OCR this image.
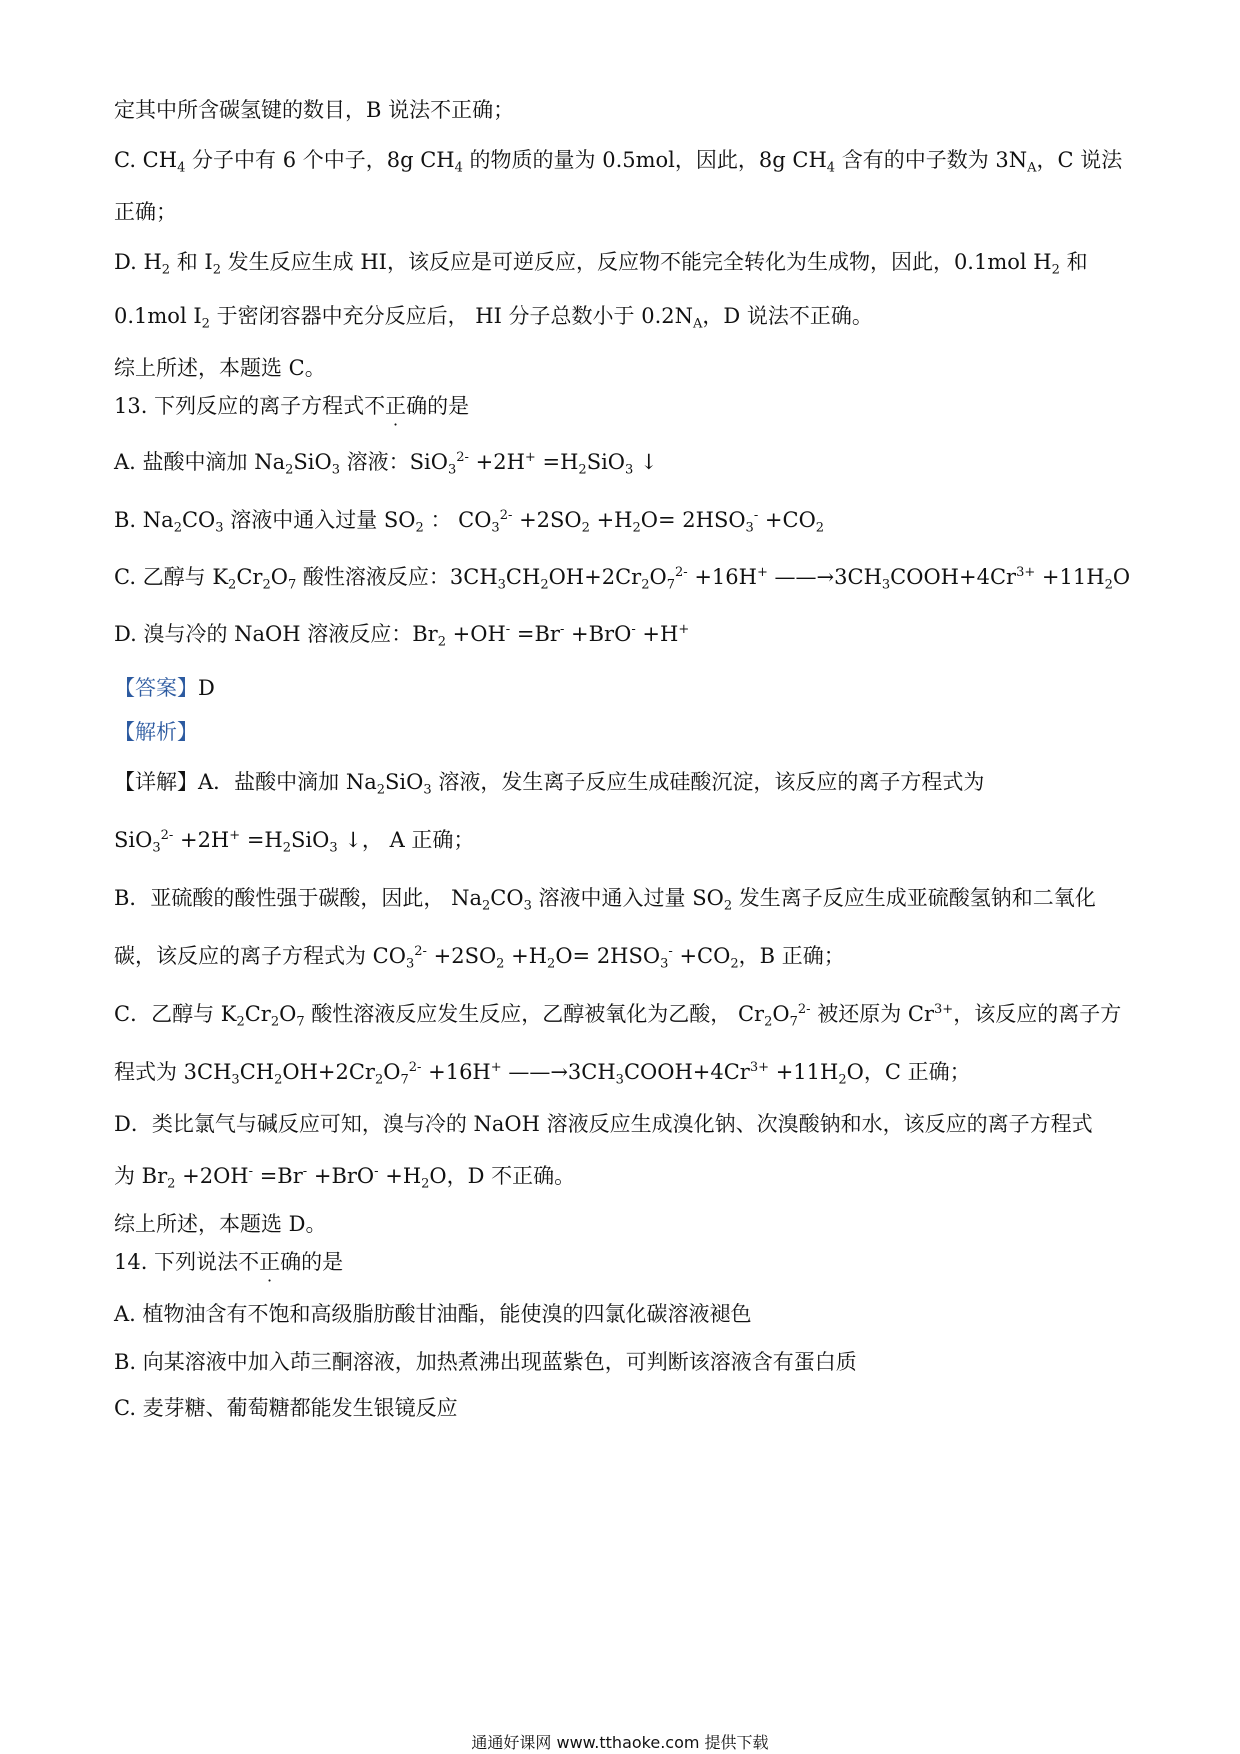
定其中所含碳氢键的数目，B 说法不正确；
C. $CH_4$ 分子中有 6 个中子，8g $CH_4$ 的物质的量为 0.5mol，因此，8g $CH_4$ 含有的中子数为 $3N_A$，C 说法
正确；
D. $H_2$ 和 $I_2$ 发生反应生成 HI，该反应是可逆反应，反应物不能完全转化为生成物，因此，0.1mol $H_2$ 和
0.1mol $I_2$ 于密闭容器中充分反应后， HI 分子总数小于 $0.2N_A$，D 说法不正确。
综上所述，本题选 C。
13. 下列反应的离子方程式不正确的是
A. 盐酸中滴加 $Na_2SiO_3$ 溶液：$SiO_3^{2-} +2H^+ =H_2SiO_3$ ↓
B. $Na_2CO_3$ 溶液中通入过量 $SO_2$ ： $CO_3^{2-} +2SO_2 +H_2O= 2HSO_3^- +CO_2$
C. 乙醇与 $K_2Cr_2O_7$ 酸性溶液反应：$3CH_3CH_2OH+2Cr_2O_7^{2-} +16H^+$ $——\to 3CH_3COOH+4Cr^{3+} +11H_2O$
D. 溴与冷的 NaOH 溶液反应：$Br_2 +OH^- =Br^- +BrO^- +H^+$
【答案】D
【解析】
【详解】A．盐酸中滴加 $Na_2SiO_3$ 溶液，发生离子反应生成硅酸沉淀，该反应的离子方程式为
$SiO_3^{2-} +2H^+ =H_2SiO_3$ ↓， A 正确；
B．亚硫酸的酸性强于碳酸，因此， $Na_2CO_3$ 溶液中通入过量 $SO_2$ 发生离子反应生成亚硫酸氢钠和二氧化
碳，该反应的离子方程式为 $CO_3^{2-} +2SO_2 +H_2O= 2HSO_3^- +CO_2$，B 正确；
C．乙醇与 $K_2Cr_2O_7$ 酸性溶液反应发生反应，乙醇被氧化为乙酸， $Cr_2O_7^{2-}$ 被还原为 $Cr^{3+}$，该反应的离子方
程式为 $3CH_3CH_2OH+2Cr_2O_7^{2-} +16H^+$ $——\to 3CH_3COOH+4Cr^{3+} +11H_2O$，C 正确；
D．类比氯气与碱反应可知，溴与冷的 NaOH 溶液反应生成溴化钠、次溴酸钠和水，该反应的离子方程式
为 $Br_2 +2OH^- =Br^- +BrO^- +H_2O$，D 不正确。
综上所述，本题选 D。
14. 下列说法不正确的是
A. 植物油含有不饱和高级脂肪酸甘油酯，能使溴的四氯化碳溶液褪色
B. 向某溶液中加入茚三酮溶液，加热煮沸出现蓝紫色，可判断该溶液含有蛋白质
C. 麦芽糖、葡萄糖都能发生银镜反应
通通好课网 www.tthaoke.com 提供下载
